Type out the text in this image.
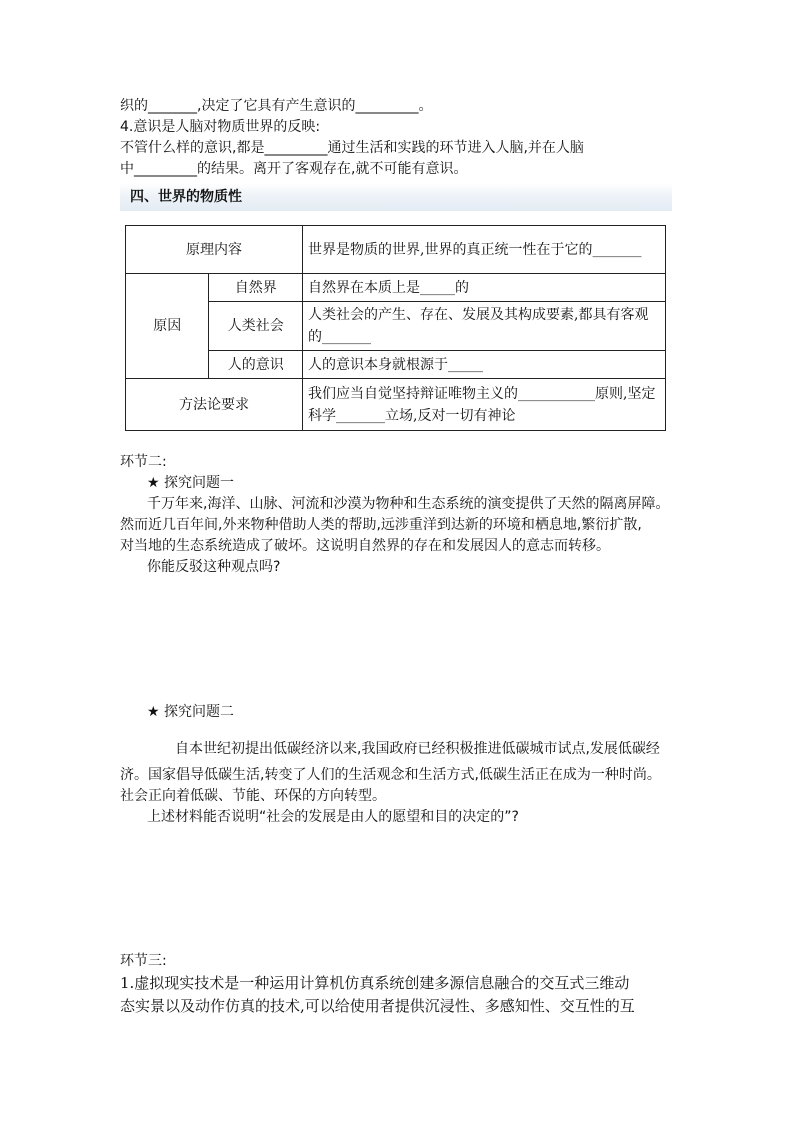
织的_______,决定了它具有产生意识的_________。
4.意识是人脑对物质世界的反映:
不管什么样的意识,都是_________通过生活和实践的环节进入人脑,并在人脑
中_________的结果。离开了客观存在,就不可能有意识。
四、世界的物质性
原理内容		世界是物质的世界,世界的真正统一性在于它的_______
原因	自然界	自然界在本质上是_____的
	人类社会	人类社会的产生、存在、发展及其构成要素,都具有客观的_______
	人的意识	人的意识本身就根源于_____
方法论要求		我们应当自觉坚持辩证唯物主义的___________原则,坚定科学_______立场,反对一切有神论
环节二:
★ 探究问题一
千万年来,海洋、山脉、河流和沙漠为物种和生态系统的演变提供了天然的隔离屏障。
然而近几百年间,外来物种借助人类的帮助,远涉重洋到达新的环境和栖息地,繁衍扩散,
对当地的生态系统造成了破坏。这说明自然界的存在和发展因人的意志而转移。
你能反驳这种观点吗?
★ 探究问题二
自本世纪初提出低碳经济以来,我国政府已经积极推进低碳城市试点,发展低碳经
济。国家倡导低碳生活,转变了人们的生活观念和生活方式,低碳生活正在成为一种时尚。
社会正向着低碳、节能、环保的方向转型。
上述材料能否说明“社会的发展是由人的愿望和目的决定的”?
环节三:
1.虚拟现实技术是一种运用计算机仿真系统创建多源信息融合的交互式三维动
态实景以及动作仿真的技术,可以给使用者提供沉浸性、多感知性、交互性的互
